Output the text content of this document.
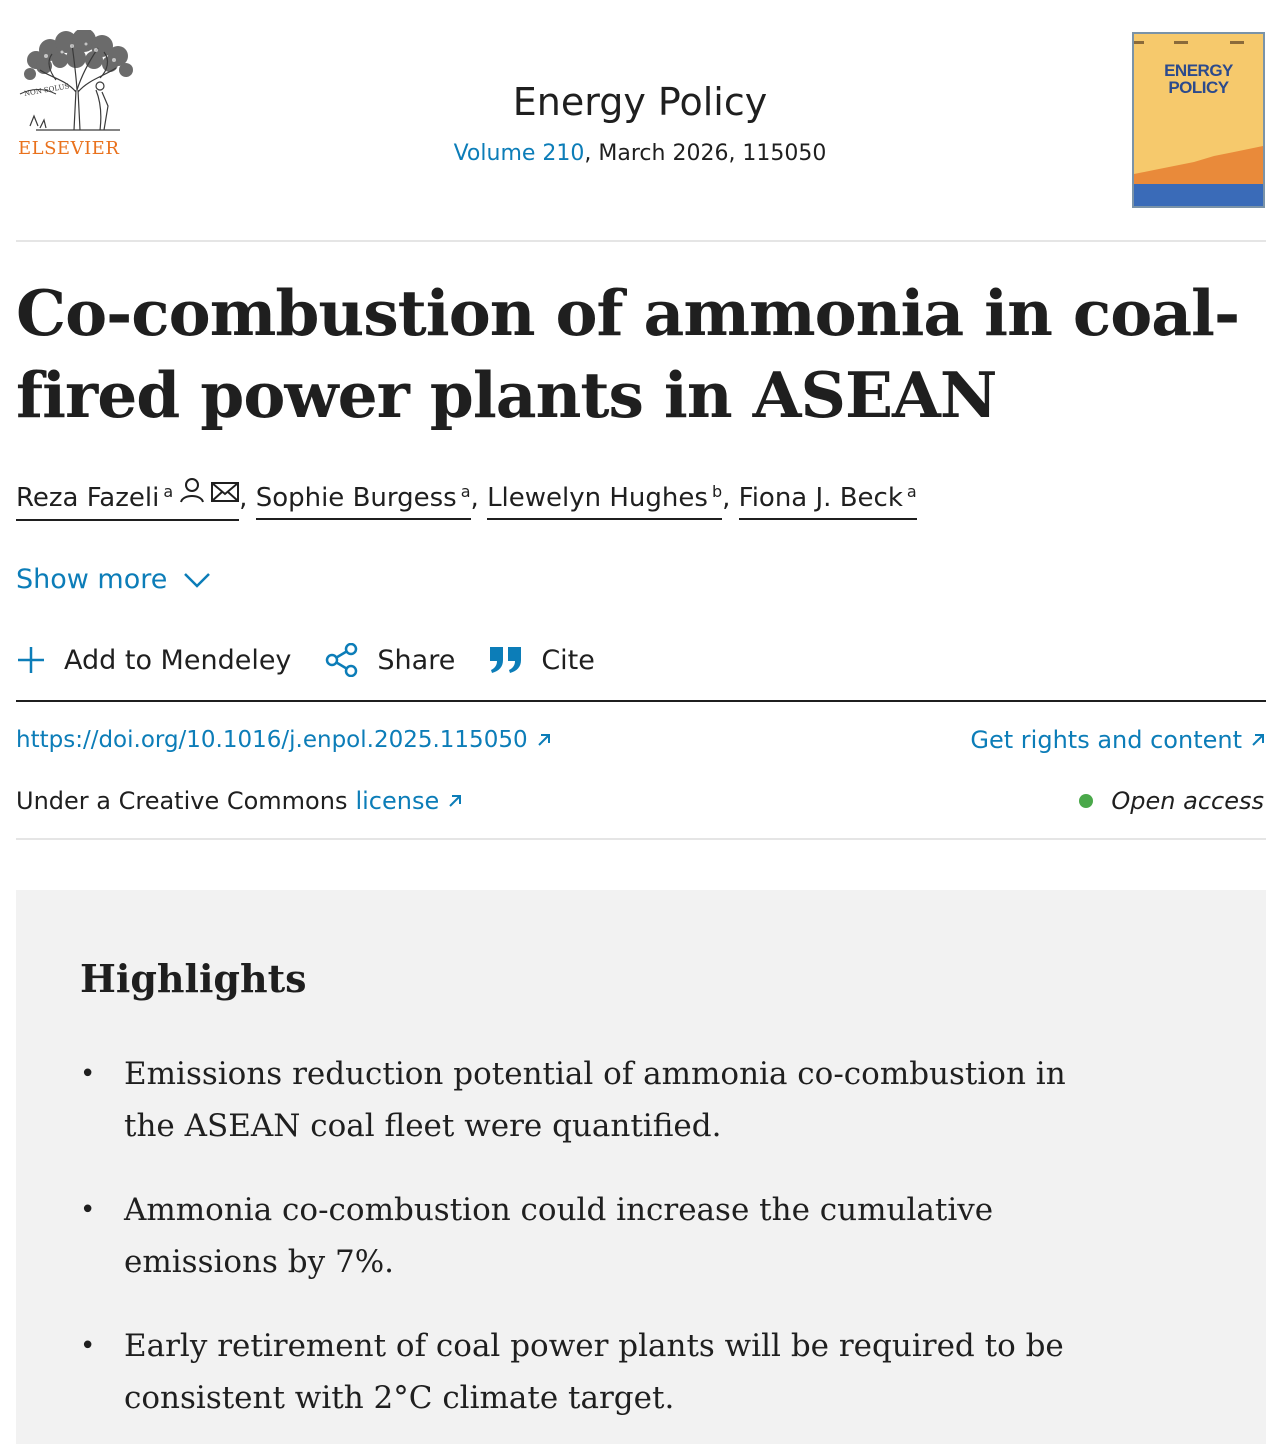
NON SOLUS
ELSEVIER
Energy Policy
Volume 210, March 2026, 115050
ENERGY
POLICY
Co-combustion of ammonia in coal-fired power plants in ASEAN
Reza Fazeli $^a$	, Sophie Burgess $^a$, Llewelyn Hughes $^b$, Fiona J. Beck $^a$
Show more
Add to Mendeley	Share	Cite
https://doi.org/10.1016/j.enpol.2025.115050	Get rights and content
Under a Creative Commons license	Open access
Highlights
• Emissions reduction potential of ammonia co-combustion in the ASEAN coal fleet were quantified.
• Ammonia co-combustion could increase the cumulative emissions by 7%.
• Early retirement of coal power plants will be required to be consistent with 2°C climate target.
